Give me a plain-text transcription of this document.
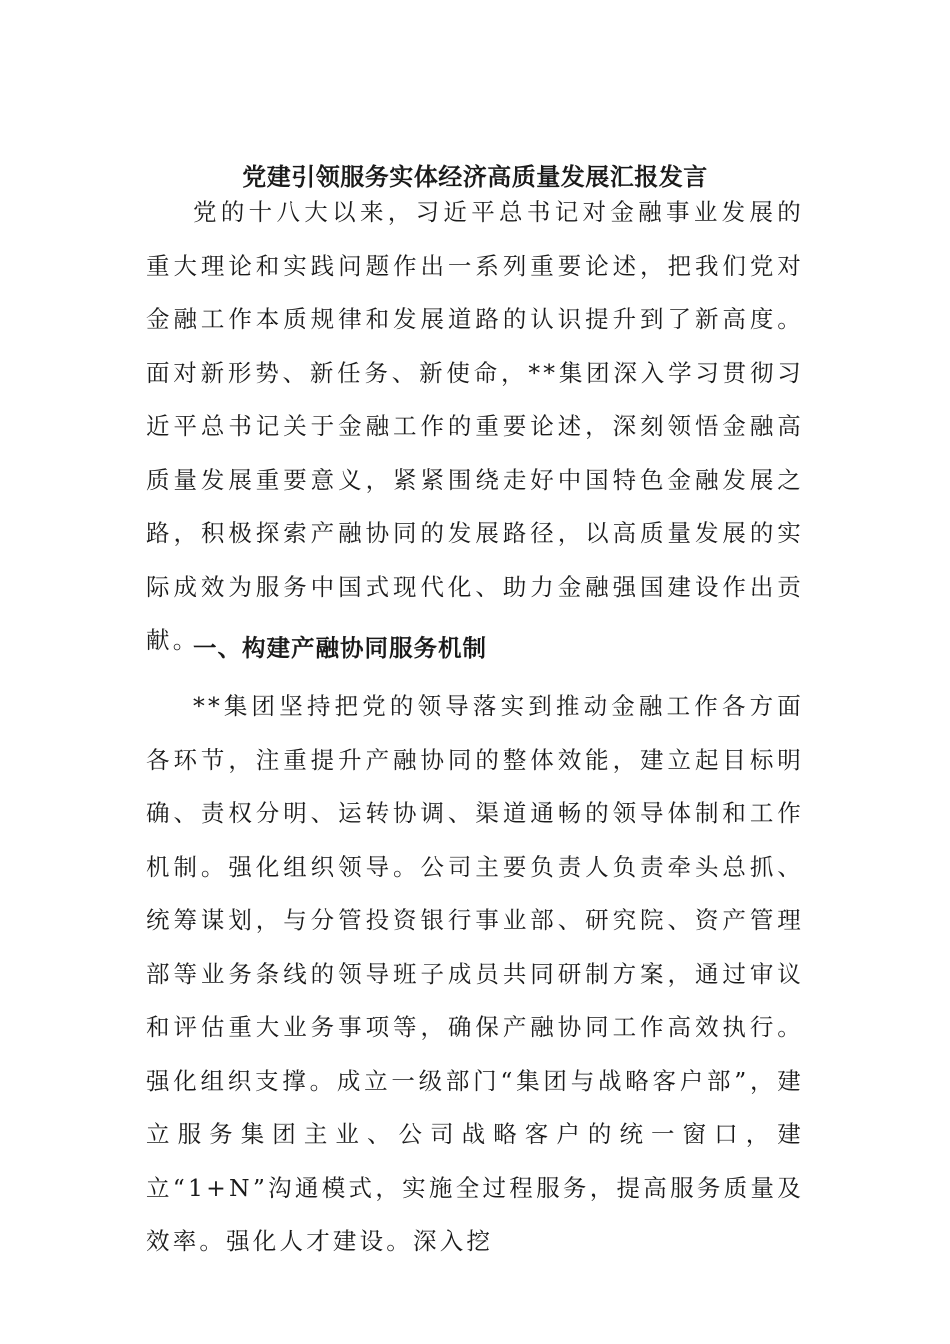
党建引领服务实体经济高质量发展汇报发言

党的十八大以来，习近平总书记对金融事业发展的重大理论和实践问题作出一系列重要论述，把我们党对金融工作本质规律和发展道路的认识提升到了新高度。面对新形势、新任务、新使命，**集团深入学习贯彻习近平总书记关于金融工作的重要论述，深刻领悟金融高质量发展重要意义，紧紧围绕走好中国特色金融发展之路，积极探索产融协同的发展路径，以高质量发展的实际成效为服务中国式现代化、助力金融强国建设作出贡献。

一、构建产融协同服务机制

**集团坚持把党的领导落实到推动金融工作各方面各环节，注重提升产融协同的整体效能，建立起目标明确、责权分明、运转协调、渠道通畅的领导体制和工作机制。强化组织领导。公司主要负责人负责牵头总抓、统筹谋划，与分管投资银行事业部、研究院、资产管理部等业务条线的领导班子成员共同研制方案，通过审议和评估重大业务事项等，确保产融协同工作高效执行。强化组织支撑。成立一级部门“集团与战略客户部”，建立服务集团主业、公司战略客户的统一窗口，建立“1+N”沟通模式，实施全过程服务，提高服务质量及效率。强化人才建设。深入挖
